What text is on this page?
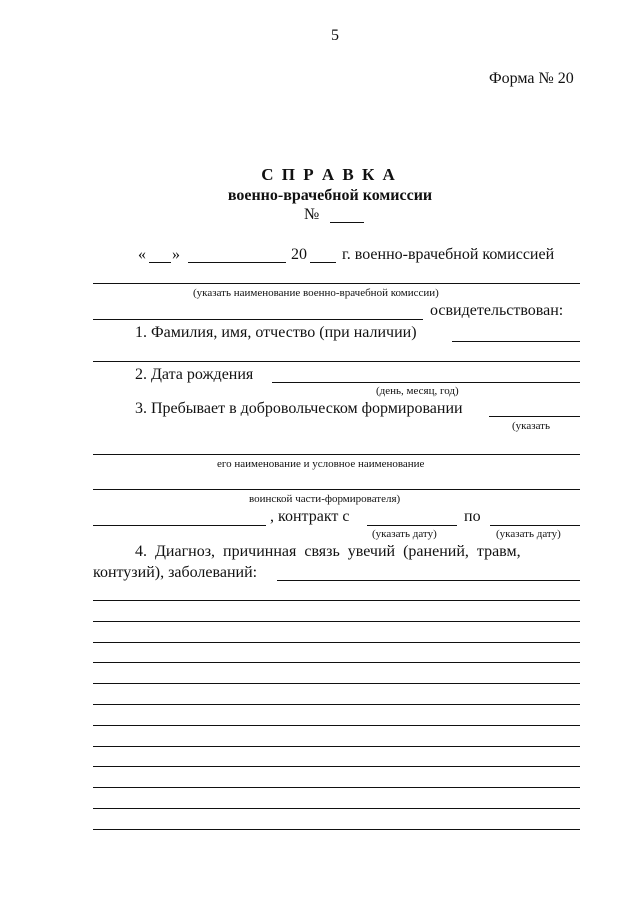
5
Форма № 20
С П Р А В К А
военно-врачебной комиссии
№
« »	20 г. военно-врачебной комиссией
(указать наименование военно-врачебной комиссии)
освидетельствован:
1. Фамилия, имя, отчество (при наличии)
2. Дата рождения
(день, месяц, год)
3. Пребывает в добровольческом формировании
(указать
его наименование и условное наименование
воинской части-формирователя)
, контракт с	по
(указать дату)	(указать дату)
4. Диагноз, причинная связь увечий (ранений, травм,
контузий), заболеваний:
